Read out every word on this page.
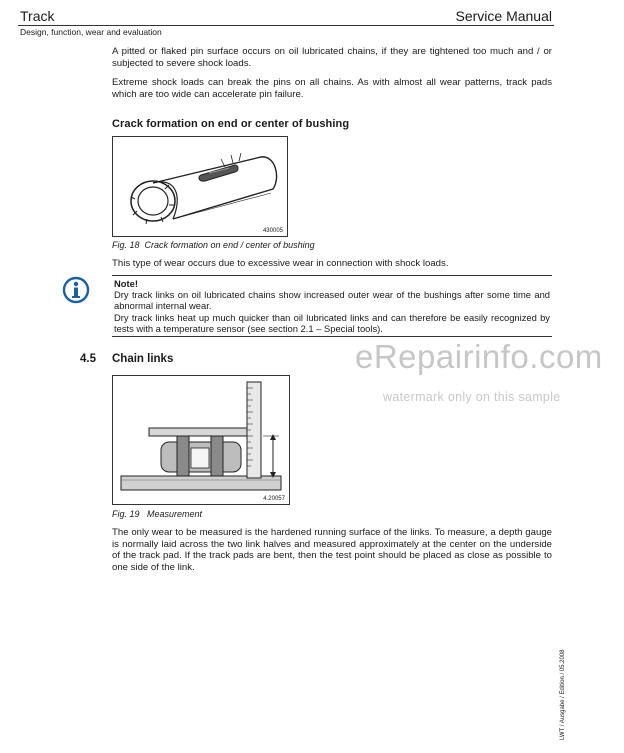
Track	Service Manual
Design, function, wear and evaluation
A pitted or flaked pin surface occurs on oil lubricated chains, if they are tightened too much and / or subjected to severe shock loads.
Extreme shock loads can break the pins on all chains. As with almost all wear patterns, track pads which are too wide can accelerate pin failure.
Crack formation on end or center of bushing
430005
Fig. 18 Crack formation on end / center of bushing
This type of wear occurs due to excessive wear in connection with shock loads.
Note!
Dry track links on oil lubricated chains show increased outer wear of the bushings after some time and abnormal internal wear.
Dry track links heat up much quicker than oil lubricated links and can therefore be easily recognized by tests with a temperature sensor (see section 2.1 – Special tools).
4.5 Chain links	eRepairinfo.com
watermark only on this sample
4.20057
Fig. 19 Measurement
The only wear to be measured is the hardened running surface of the links. To measure, a depth gauge is normally laid across the two link halves and measured approximately at the center on the underside of the track pad. If the track pads are bent, then the test point should be placed as close as possible to one side of the link.
LWT / Ausgabe / Edition / 05.2008
